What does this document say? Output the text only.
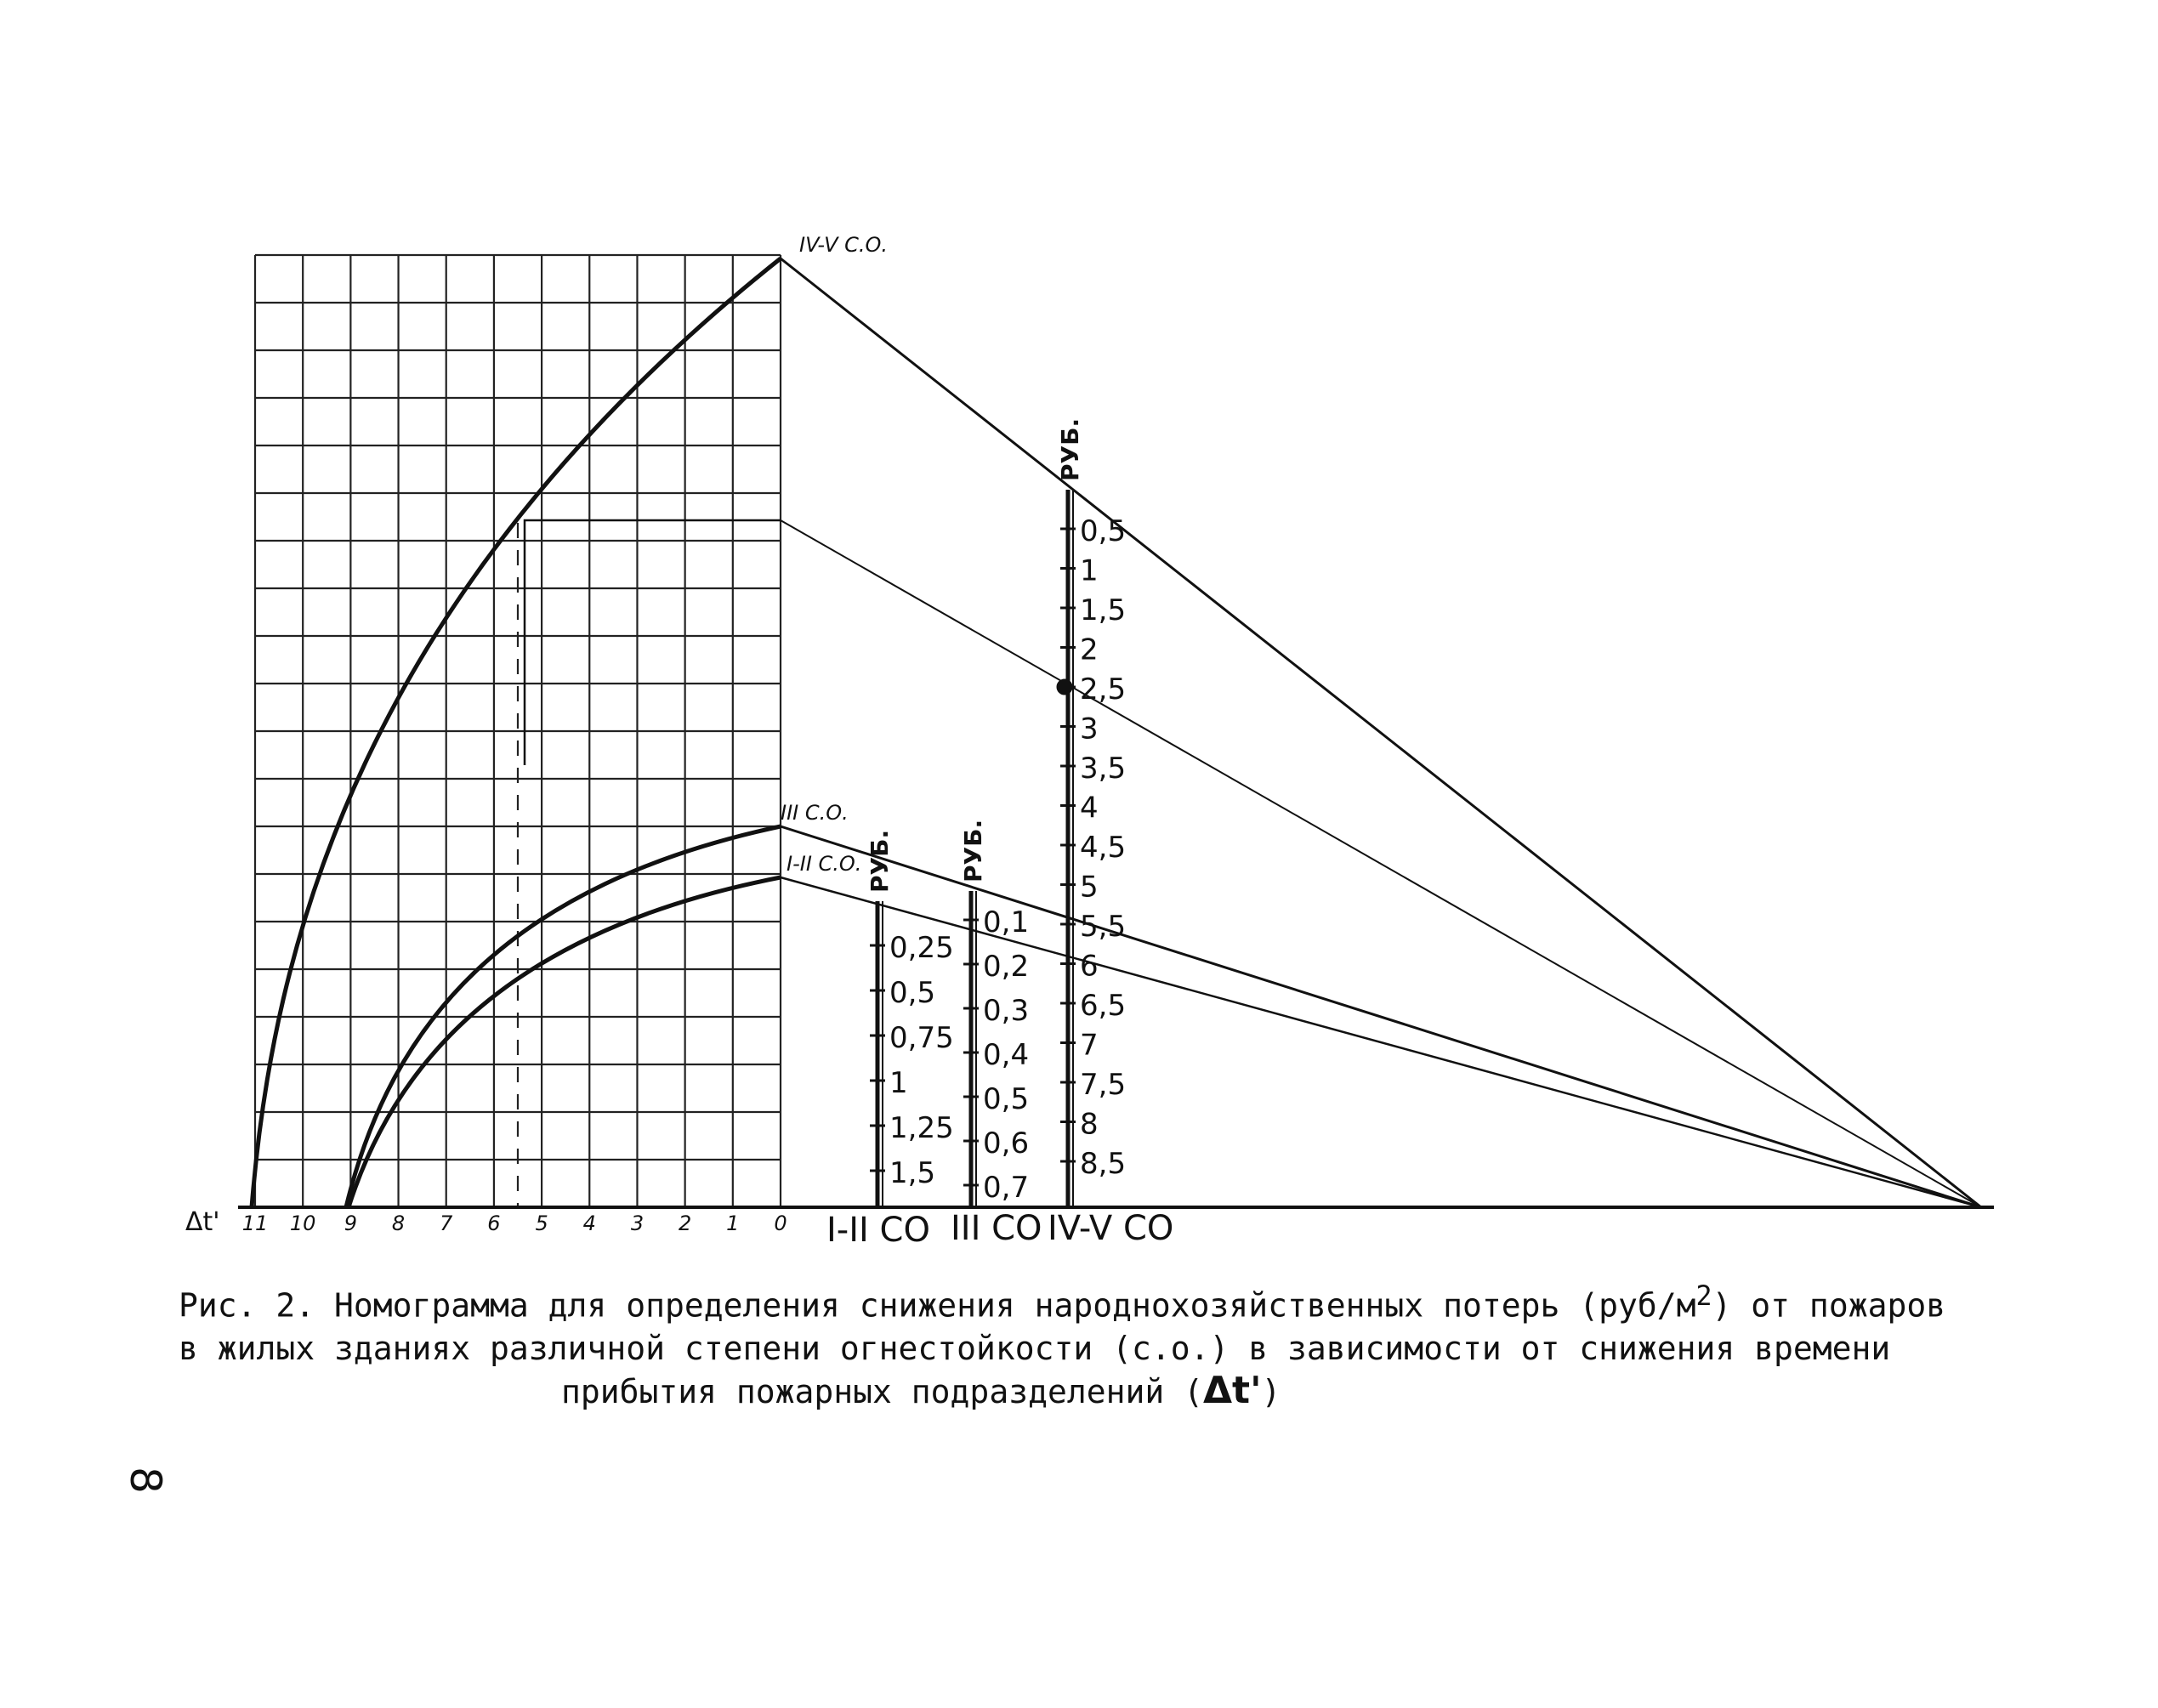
РУБ.
0,25
0,5
0,75
1
1,25
1,5
РУБ.
0,1
0,2
0,3
0,4
0,5
0,6
0,7
РУБ.
0,5
1
1,5
2
2,5
3
3,5
4
4,5
5
5,5
6
6,5
7
7,5
8
8,5
Δt' 11 10 9 8 7 6 5 4 3 2 1 0
IV-V С.О.
III С.О.
I-II С.О.
I-II СО III СО IV-V СО
Рис. 2. Номограмма для определения снижения народнохозяйственных потерь $(руб/м^2)$ от пожаров
в жилых зданиях различной степени огнестойкости (с.о.) в зависимости от снижения времени
прибытия пожарных подразделений (Δt')
8
